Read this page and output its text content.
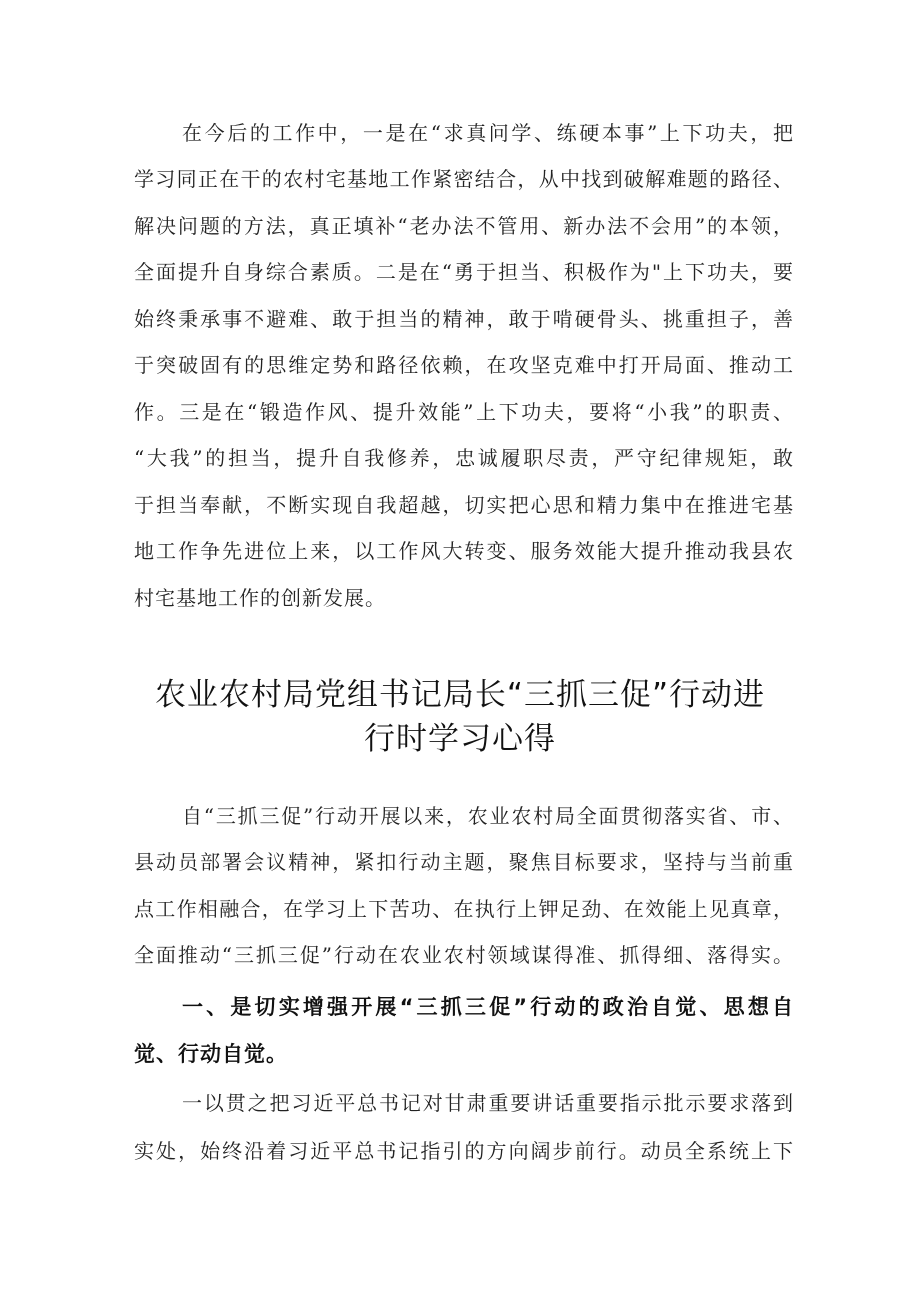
在今后的工作中，一是在“求真问学、练硬本事”上下功夫，把
学习同正在干的农村宅基地工作紧密结合，从中找到破解难题的路径、
解决问题的方法，真正填补“老办法不管用、新办法不会用”的本领，
全面提升自身综合素质。二是在“勇于担当、积极作为"上下功夫，要
始终秉承事不避难、敢于担当的精神，敢于啃硬骨头、挑重担子，善
于突破固有的思维定势和路径依赖，在攻坚克难中打开局面、推动工
作。三是在“锻造作风、提升效能”上下功夫，要将“小我”的职责、
“大我”的担当，提升自我修养，忠诚履职尽责，严守纪律规矩，敢
于担当奉献，不断实现自我超越，切实把心思和精力集中在推进宅基
地工作争先进位上来，以工作风大转变、服务效能大提升推动我县农
村宅基地工作的创新发展。
农业农村局党组书记局长“三抓三促”行动进
行时学习心得
自“三抓三促”行动开展以来，农业农村局全面贯彻落实省、市、
县动员部署会议精神，紧扣行动主题，聚焦目标要求，坚持与当前重
点工作相融合，在学习上下苦功、在执行上钾足劲、在效能上见真章，
全面推动“三抓三促”行动在农业农村领域谋得准、抓得细、落得实。
一、是切实增强开展“三抓三促”行动的政治自觉、思想自
觉、行动自觉。
一以贯之把习近平总书记对甘肃重要讲话重要指示批示要求落到
实处，始终沿着习近平总书记指引的方向阔步前行。动员全系统上下
